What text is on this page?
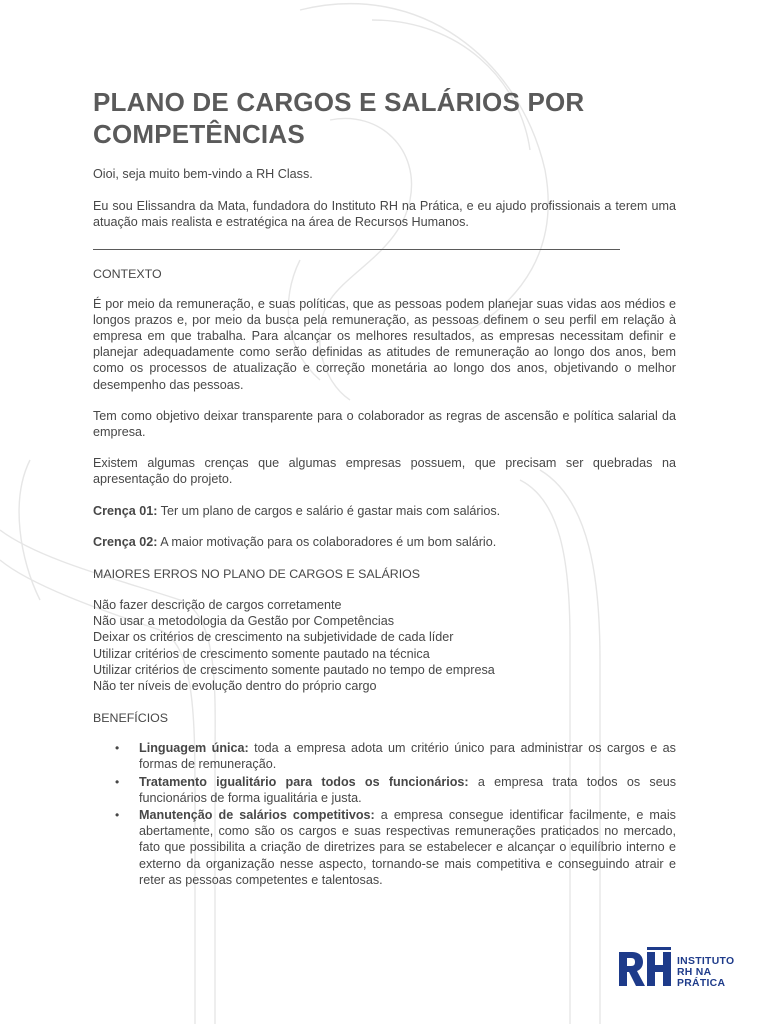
PLANO DE CARGOS E SALÁRIOS POR COMPETÊNCIAS

Oioi, seja muito bem-vindo a RH Class.

Eu sou Elissandra da Mata, fundadora do Instituto RH na Prática, e eu ajudo profissionais a terem uma atuação mais realista e estratégica na área de Recursos Humanos.

CONTEXTO

É por meio da remuneração, e suas políticas, que as pessoas podem planejar suas vidas aos médios e longos prazos e, por meio da busca pela remuneração, as pessoas definem o seu perfil em relação à empresa em que trabalha. Para alcançar os melhores resultados, as empresas necessitam definir e planejar adequadamente como serão definidas as atitudes de remuneração ao longo dos anos, bem como os processos de atualização e correção monetária ao longo dos anos, objetivando o melhor desempenho das pessoas.

Tem como objetivo deixar transparente para o colaborador as regras de ascensão e política salarial da empresa.

Existem algumas crenças que algumas empresas possuem, que precisam ser quebradas na apresentação do projeto.

Crença 01: Ter um plano de cargos e salário é gastar mais com salários.

Crença 02: A maior motivação para os colaboradores é um bom salário.

MAIORES ERROS NO PLANO DE CARGOS E SALÁRIOS
Não fazer descrição de cargos corretamente
Não usar a metodologia da Gestão por Competências
Deixar os critérios de crescimento na subjetividade de cada líder
Utilizar critérios de crescimento somente pautado na técnica
Utilizar critérios de crescimento somente pautado no tempo de empresa
Não ter níveis de evolução dentro do próprio cargo
BENEFÍCIOS
• Linguagem única: toda a empresa adota um critério único para administrar os cargos e as formas de remuneração.
• Tratamento igualitário para todos os funcionários: a empresa trata todos os seus funcionários de forma igualitária e justa.
• Manutenção de salários competitivos: a empresa consegue identificar facilmente, e mais abertamente, como são os cargos e suas respectivas remunerações praticados no mercado, fato que possibilita a criação de diretrizes para se estabelecer e alcançar o equilíbrio interno e externo da organização nesse aspecto, tornando-se mais competitiva e conseguindo atrair e reter as pessoas competentes e talentosas.
INSTITUTO
RH NA
PRÁTICA
